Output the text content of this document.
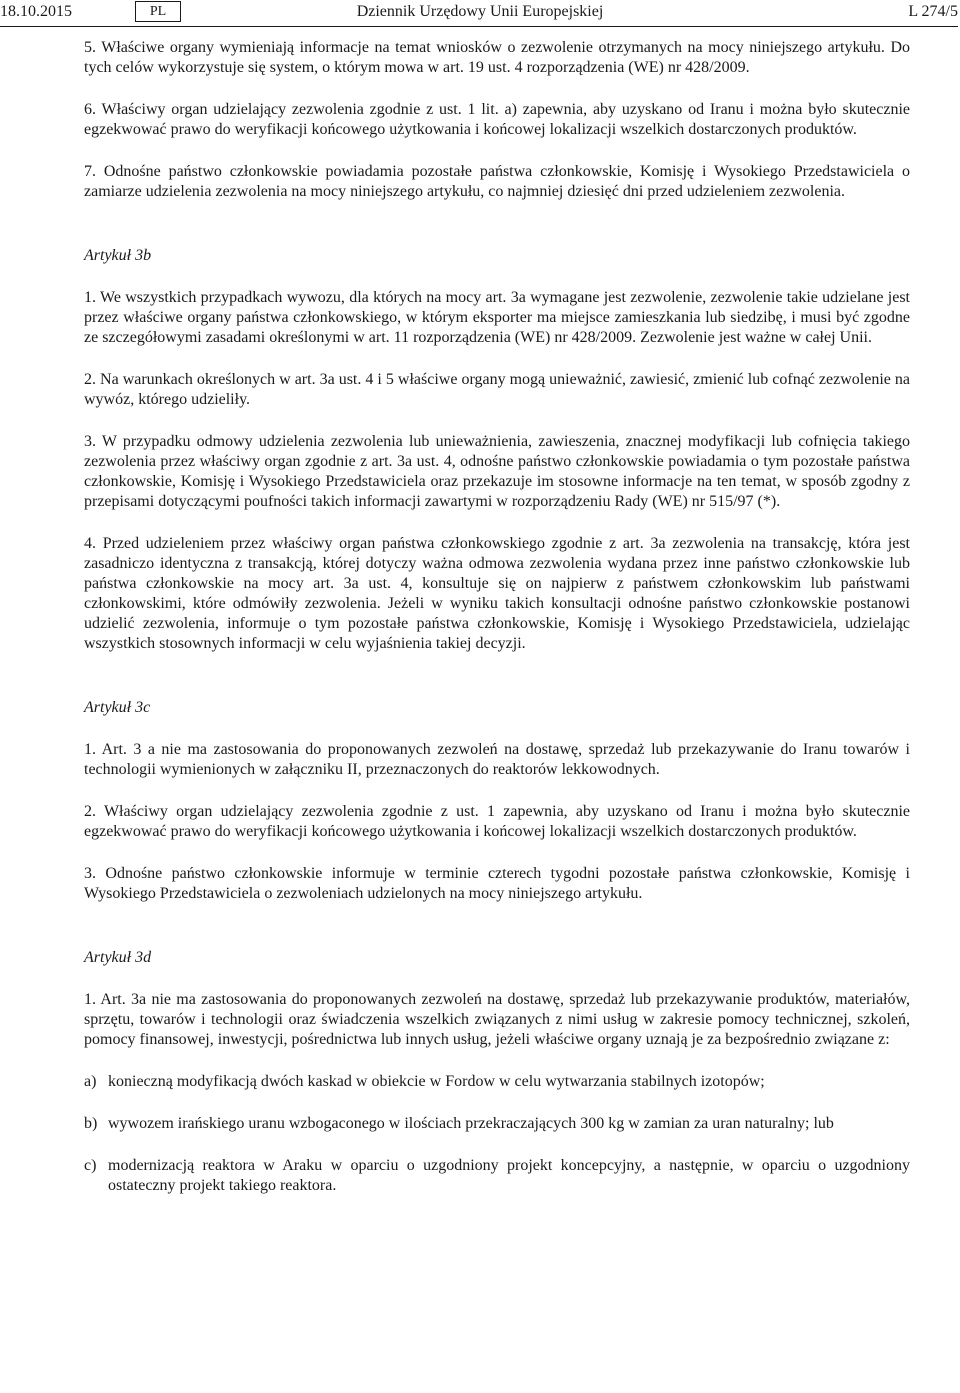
18.10.2015	PL	Dziennik Urzędowy Unii Europejskiej	L 274/5

5. Właściwe organy wymieniają informacje na temat wniosków o zezwolenie otrzymanych na mocy niniejszego artykułu. Do tych celów wykorzystuje się system, o którym mowa w art. 19 ust. 4 rozporządzenia (WE) nr 428/2009.

6. Właściwy organ udzielający zezwolenia zgodnie z ust. 1 lit. a) zapewnia, aby uzyskano od Iranu i można było skutecznie egzekwować prawo do weryfikacji końcowego użytkowania i końcowej lokalizacji wszelkich dostarczonych produktów.

7. Odnośne państwo członkowskie powiadamia pozostałe państwa członkowskie, Komisję i Wysokiego Przedstawiciela o zamiarze udzielenia zezwolenia na mocy niniejszego artykułu, co najmniej dziesięć dni przed udzieleniem zezwolenia.

Artykuł 3b

1. We wszystkich przypadkach wywozu, dla których na mocy art. 3a wymagane jest zezwolenie, zezwolenie takie udzielane jest przez właściwe organy państwa członkowskiego, w którym eksporter ma miejsce zamieszkania lub siedzibę, i musi być zgodne ze szczegółowymi zasadami określonymi w art. 11 rozporządzenia (WE) nr 428/2009. Zezwolenie jest ważne w całej Unii.

2. Na warunkach określonych w art. 3a ust. 4 i 5 właściwe organy mogą unieważnić, zawiesić, zmienić lub cofnąć zezwolenie na wywóz, którego udzieliły.

3. W przypadku odmowy udzielenia zezwolenia lub unieważnienia, zawieszenia, znacznej modyfikacji lub cofnięcia takiego zezwolenia przez właściwy organ zgodnie z art. 3a ust. 4, odnośne państwo członkowskie powiadamia o tym pozostałe państwa członkowskie, Komisję i Wysokiego Przedstawiciela oraz przekazuje im stosowne informacje na ten temat, w sposób zgodny z przepisami dotyczącymi poufności takich informacji zawartymi w rozporządzeniu Rady (WE) nr 515/97 (*).

4. Przed udzieleniem przez właściwy organ państwa członkowskiego zgodnie z art. 3a zezwolenia na transakcję, która jest zasadniczo identyczna z transakcją, której dotyczy ważna odmowa zezwolenia wydana przez inne państwo członkowskie lub państwa członkowskie na mocy art. 3a ust. 4, konsultuje się on najpierw z państwem członkowskim lub państwami członkowskimi, które odmówiły zezwolenia. Jeżeli w wyniku takich konsultacji odnośne państwo członkowskie postanowi udzielić zezwolenia, informuje o tym pozostałe państwa członkowskie, Komisję i Wysokiego Przedstawiciela, udzielając wszystkich stosownych informacji w celu wyjaśnienia takiej decyzji.

Artykuł 3c

1. Art. 3 a nie ma zastosowania do proponowanych zezwoleń na dostawę, sprzedaż lub przekazywanie do Iranu towarów i technologii wymienionych w załączniku II, przeznaczonych do reaktorów lekkowodnych.

2. Właściwy organ udzielający zezwolenia zgodnie z ust. 1 zapewnia, aby uzyskano od Iranu i można było skutecznie egzekwować prawo do weryfikacji końcowego użytkowania i końcowej lokalizacji wszelkich dostarczonych produktów.

3. Odnośne państwo członkowskie informuje w terminie czterech tygodni pozostałe państwa członkowskie, Komisję i Wysokiego Przedstawiciela o zezwoleniach udzielonych na mocy niniejszego artykułu.

Artykuł 3d

1. Art. 3a nie ma zastosowania do proponowanych zezwoleń na dostawę, sprzedaż lub przekazywanie produktów, materiałów, sprzętu, towarów i technologii oraz świadczenia wszelkich związanych z nimi usług w zakresie pomocy technicznej, szkoleń, pomocy finansowej, inwestycji, pośrednictwa lub innych usług, jeżeli właściwe organy uznają je za bezpośrednio związane z:

a) konieczną modyfikacją dwóch kaskad w obiekcie w Fordow w celu wytwarzania stabilnych izotopów;
b) wywozem irańskiego uranu wzbogaconego w ilościach przekraczających 300 kg w zamian za uran naturalny; lub
c) modernizacją reaktora w Araku w oparciu o uzgodniony projekt koncepcyjny, a następnie, w oparciu o uzgodniony ostateczny projekt takiego reaktora.
